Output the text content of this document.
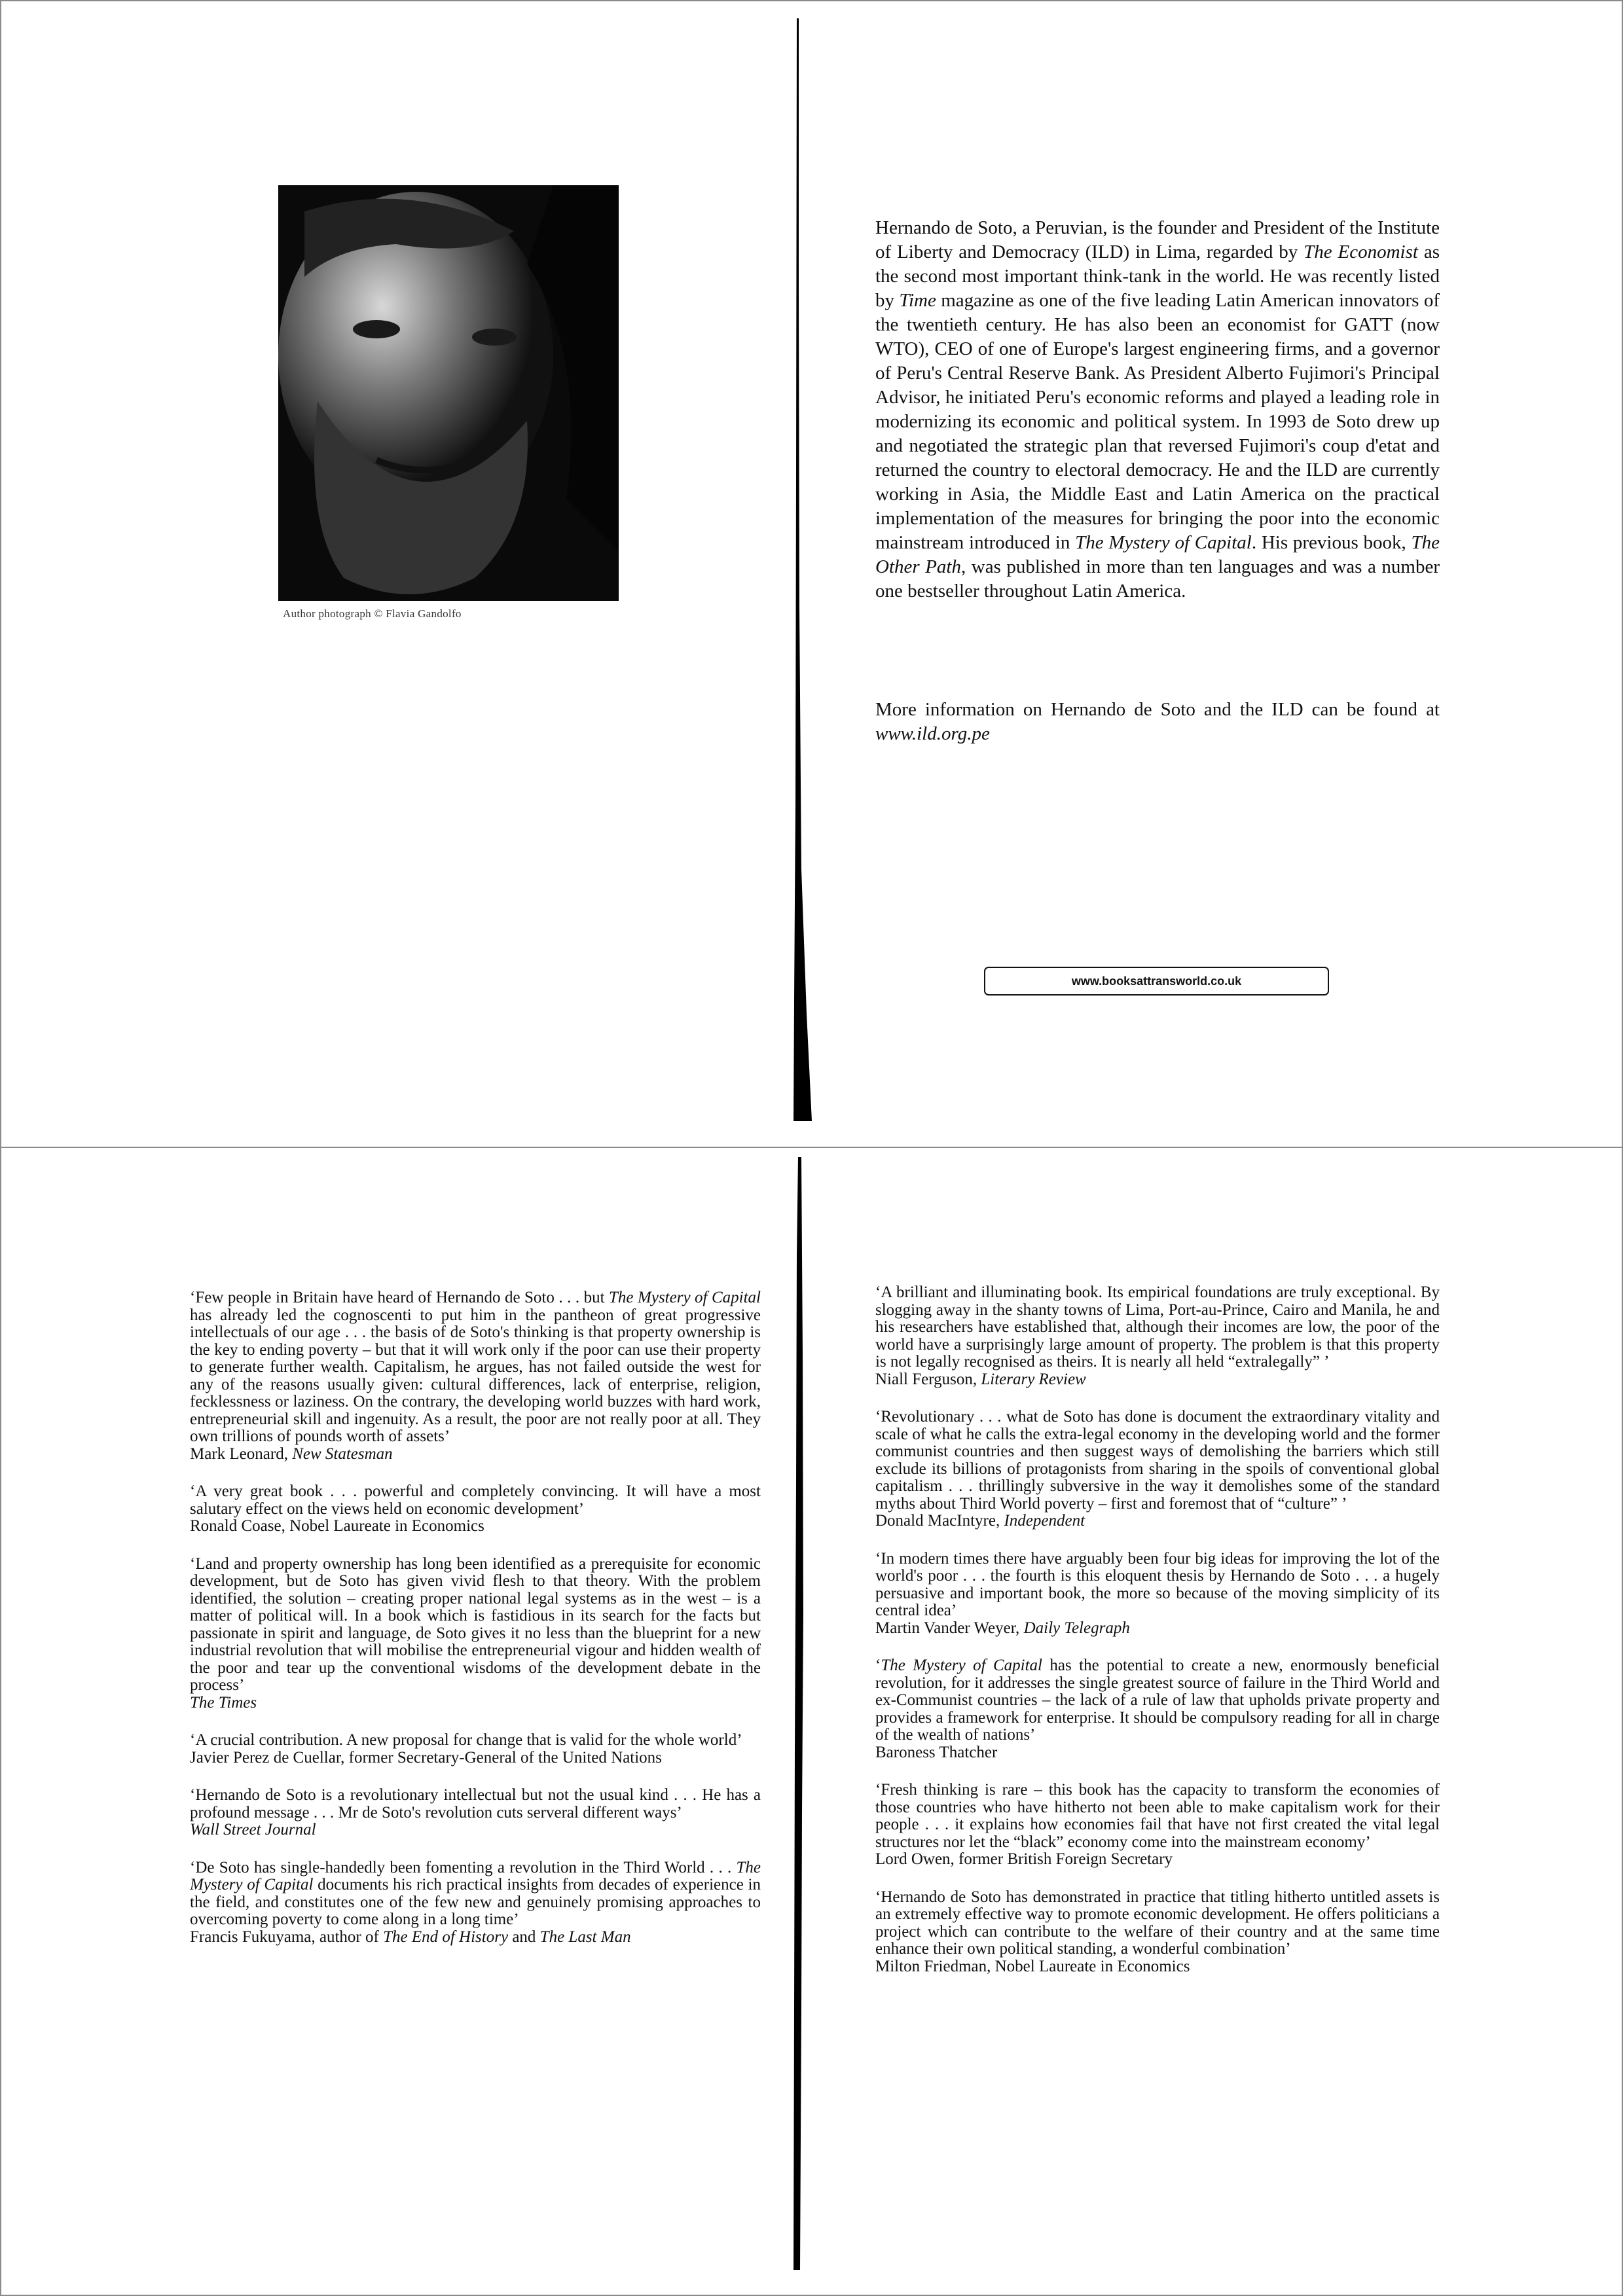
Author photograph © Flavia Gandolfo

Hernando de Soto, a Peruvian, is the founder and President of the Institute of Liberty and Democracy (ILD) in Lima, regarded by The Economist as the second most important think-tank in the world. He was recently listed by Time magazine as one of the five leading Latin American innovators of the twentieth century. He has also been an economist for GATT (now WTO), CEO of one of Europe's largest engineering firms, and a governor of Peru's Central Reserve Bank. As President Alberto Fujimori's Principal Advisor, he initiated Peru's economic reforms and played a leading role in modernizing its economic and political system. In 1993 de Soto drew up and negotiated the strategic plan that reversed Fujimori's coup d'etat and returned the country to electoral democracy. He and the ILD are currently working in Asia, the Middle East and Latin America on the practical implementation of the measures for bringing the poor into the economic mainstream introduced in The Mystery of Capital. His previous book, The Other Path, was published in more than ten languages and was a number one bestseller throughout Latin America.

More information on Hernando de Soto and the ILD can be found at www.ild.org.pe
www.booksattransworld.co.uk
‘Few people in Britain have heard of Hernando de Soto . . . but The Mystery of Capital has already led the cognoscenti to put him in the pantheon of great progressive intellectuals of our age . . . the basis of de Soto's thinking is that property ownership is the key to ending poverty – but that it will work only if the poor can use their property to generate further wealth. Capitalism, he argues, has not failed outside the west for any of the reasons usually given: cultural differences, lack of enterprise, religion, fecklessness or laziness. On the contrary, the developing world buzzes with hard work, entrepreneurial skill and ingenuity. As a result, the poor are not really poor at all. They own trillions of pounds worth of assets’
Mark Leonard, New Statesman
‘A very great book . . . powerful and completely convincing. It will have a most salutary effect on the views held on economic development’
Ronald Coase, Nobel Laureate in Economics
‘Land and property ownership has long been identified as a prerequisite for economic development, but de Soto has given vivid flesh to that theory. With the problem identified, the solution – creating proper national legal systems as in the west – is a matter of political will. In a book which is fastidious in its search for the facts but passionate in spirit and language, de Soto gives it no less than the blueprint for a new industrial revolution that will mobilise the entrepreneurial vigour and hidden wealth of the poor and tear up the conventional wisdoms of the development debate in the process’
The Times
‘A crucial contribution. A new proposal for change that is valid for the whole world’
Javier Perez de Cuellar, former Secretary-General of the United Nations
‘Hernando de Soto is a revolutionary intellectual but not the usual kind . . . He has a profound message . . . Mr de Soto's revolution cuts serveral different ways’
Wall Street Journal
‘De Soto has single-handedly been fomenting a revolution in the Third World . . . The Mystery of Capital documents his rich practical insights from decades of experience in the field, and constitutes one of the few new and genuinely promising approaches to overcoming poverty to come along in a long time’
Francis Fukuyama, author of The End of History and The Last Man
‘A brilliant and illuminating book. Its empirical foundations are truly exceptional. By slogging away in the shanty towns of Lima, Port-au-Prince, Cairo and Manila, he and his researchers have established that, although their incomes are low, the poor of the world have a surprisingly large amount of property. The problem is that this property is not legally recognised as theirs. It is nearly all held “extralegally” ’
Niall Ferguson, Literary Review
‘Revolutionary . . . what de Soto has done is document the extraordinary vitality and scale of what he calls the extra-legal economy in the developing world and the former communist countries and then suggest ways of demolishing the barriers which still exclude its billions of protagonists from sharing in the spoils of conventional global capitalism . . . thrillingly subversive in the way it demolishes some of the standard myths about Third World poverty – first and foremost that of “culture” ’
Donald MacIntyre, Independent
‘In modern times there have arguably been four big ideas for improving the lot of the world's poor . . . the fourth is this eloquent thesis by Hernando de Soto . . . a hugely persuasive and important book, the more so because of the moving simplicity of its central idea’
Martin Vander Weyer, Daily Telegraph
‘The Mystery of Capital has the potential to create a new, enormously beneficial revolution, for it addresses the single greatest source of failure in the Third World and ex-Communist countries – the lack of a rule of law that upholds private property and provides a framework for enterprise. It should be compulsory reading for all in charge of the wealth of nations’
Baroness Thatcher
‘Fresh thinking is rare – this book has the capacity to transform the economies of those countries who have hitherto not been able to make capitalism work for their people . . . it explains how economies fail that have not first created the vital legal structures nor let the “black” economy come into the mainstream economy’
Lord Owen, former British Foreign Secretary
‘Hernando de Soto has demonstrated in practice that titling hitherto untitled assets is an extremely effective way to promote economic development. He offers politicians a project which can contribute to the welfare of their country and at the same time enhance their own political standing, a wonderful combination’
Milton Friedman, Nobel Laureate in Economics
